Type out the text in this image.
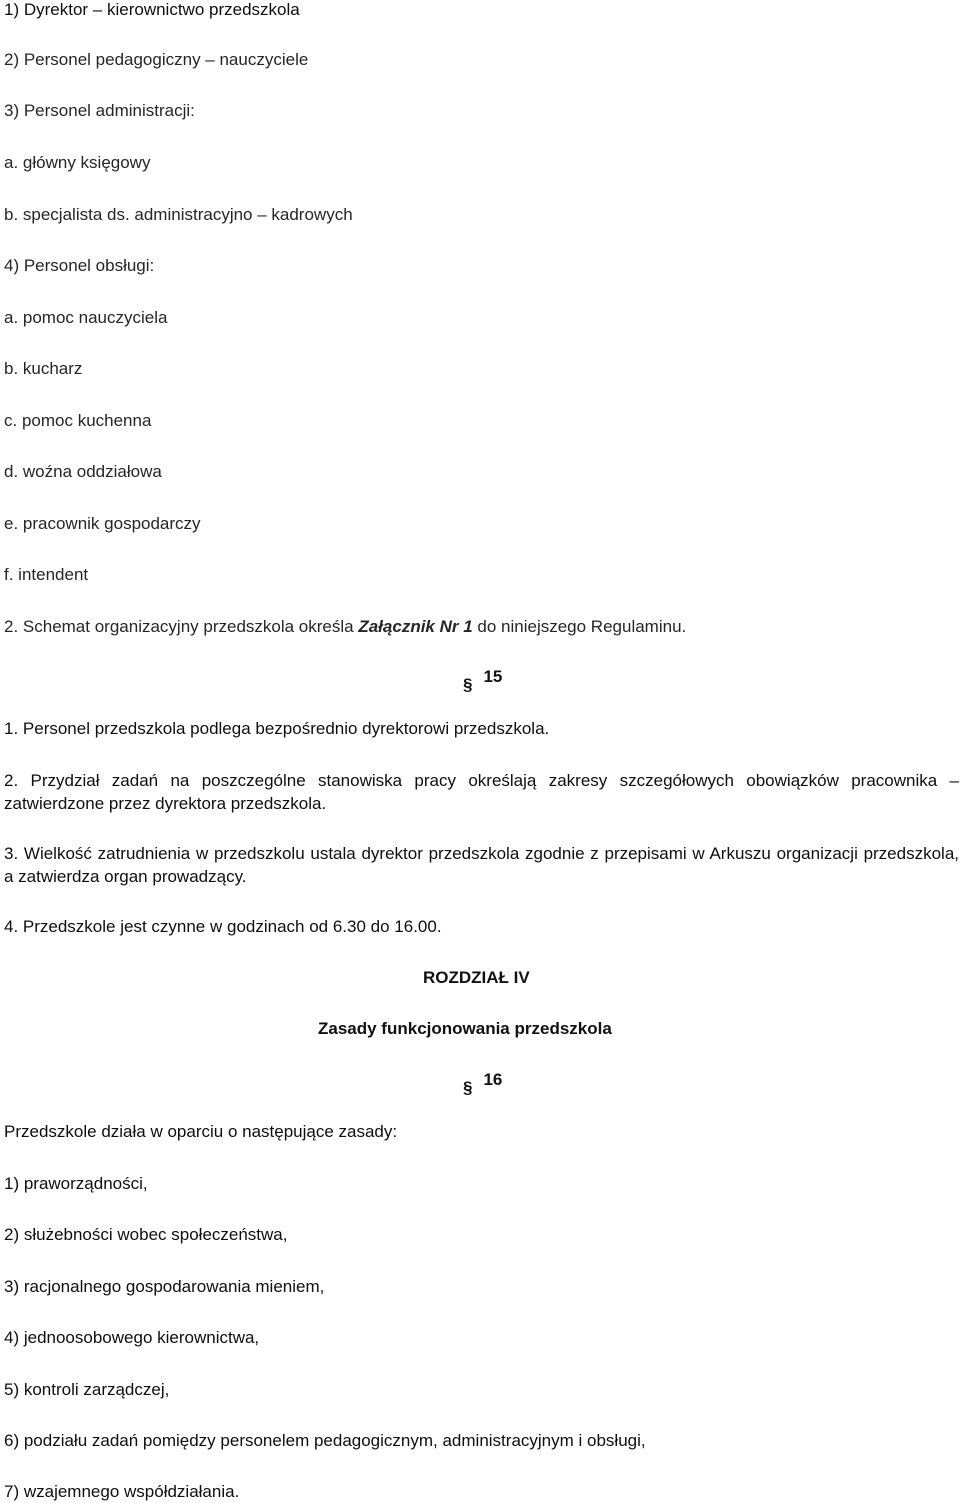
1) Dyrektor – kierownictwo przedszkola
2) Personel pedagogiczny – nauczyciele
3) Personel administracji:
a. główny księgowy
b. specjalista ds. administracyjno – kadrowych
4) Personel obsługi:
a. pomoc nauczyciela
b. kucharz
c. pomoc kuchenna
d. woźna oddziałowa
e. pracownik gospodarczy
f. intendent
2. Schemat organizacyjny przedszkola określa Załącznik Nr 1 do niniejszego Regulaminu.
§ 15
1. Personel przedszkola podlega bezpośrednio dyrektorowi przedszkola.
2. Przydział zadań na poszczególne stanowiska pracy określają zakresy szczegółowych obowiązków pracownika – zatwierdzone przez dyrektora przedszkola.
3. Wielkość zatrudnienia w przedszkolu ustala dyrektor przedszkola zgodnie z przepisami w Arkuszu organizacji przedszkola, a zatwierdza organ prowadzący.
4. Przedszkole jest czynne w godzinach od 6.30 do 16.00.
ROZDZIAŁ IV
Zasady funkcjonowania przedszkola
§ 16
Przedszkole działa w oparciu o następujące zasady:
1) praworządności,
2) służebności wobec społeczeństwa,
3) racjonalnego gospodarowania mieniem,
4) jednoosobowego kierownictwa,
5) kontroli zarządczej,
6) podziału zadań pomiędzy personelem pedagogicznym, administracyjnym i obsługi,
7) wzajemnego współdziałania.
